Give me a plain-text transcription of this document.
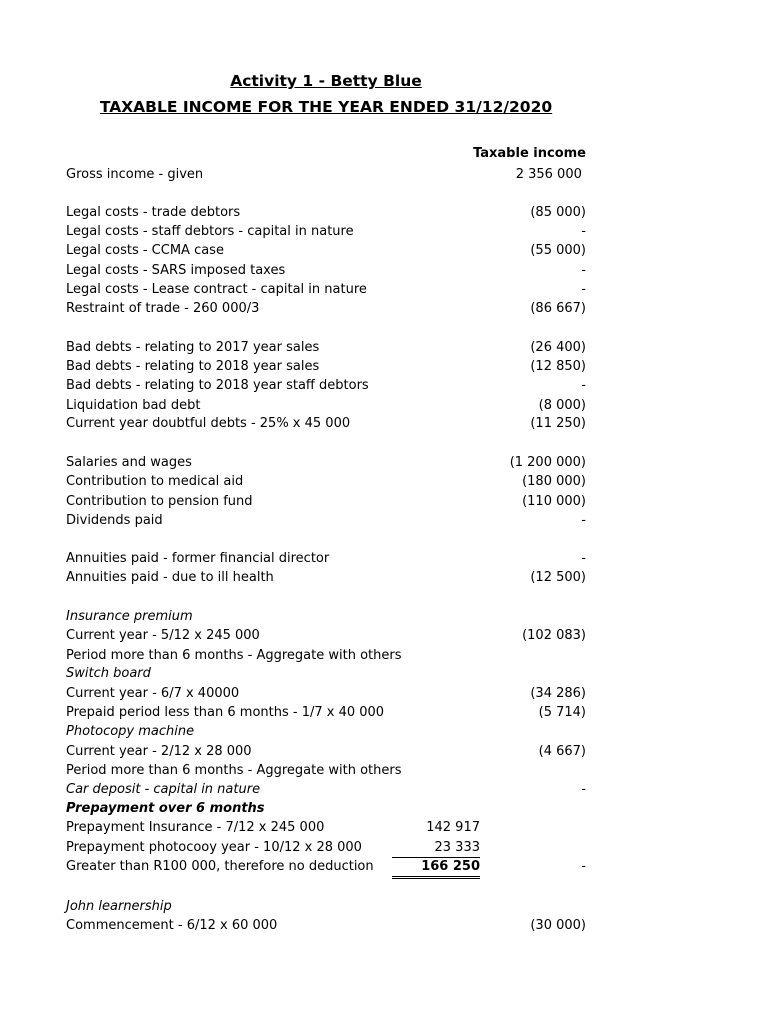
Activity 1 - Betty Blue
TAXABLE INCOME FOR THE YEAR ENDED 31/12/2020
Taxable income
Gross income - given	2 356 000
Legal costs - trade debtors	(85 000)
Legal costs - staff debtors - capital in nature	-
Legal costs - CCMA case	(55 000)
Legal costs - SARS imposed taxes	-
Legal costs - Lease contract - capital in nature	-
Restraint of trade - 260 000/3	(86 667)
Bad debts - relating to 2017 year sales	(26 400)
Bad debts - relating to 2018 year sales	(12 850)
Bad debts - relating to 2018 year staff debtors	-
Liquidation bad debt	(8 000)
Current year doubtful debts - 25% x 45 000	(11 250)
Salaries and wages	(1 200 000)
Contribution to medical aid	(180 000)
Contribution to pension fund	(110 000)
Dividends paid	-
Annuities paid - former financial director	-
Annuities paid - due to ill health	(12 500)
Insurance premium
Current year - 5/12 x 245 000	(102 083)
Period more than 6 months - Aggregate with others
Switch board
Current year - 6/7 x 40000	(34 286)
Prepaid period less than 6 months - 1/7 x 40 000	(5 714)
Photocopy machine
Current year - 2/12 x 28 000	(4 667)
Period more than 6 months - Aggregate with others
Car deposit - capital in nature	-
Prepayment over 6 months
Prepayment Insurance - 7/12 x 245 000	142 917
Prepayment photocooy year - 10/12 x 28 000	23 333
Greater than R100 000, therefore no deduction	166 250	-
John learnership
Commencement - 6/12 x 60 000	(30 000)
